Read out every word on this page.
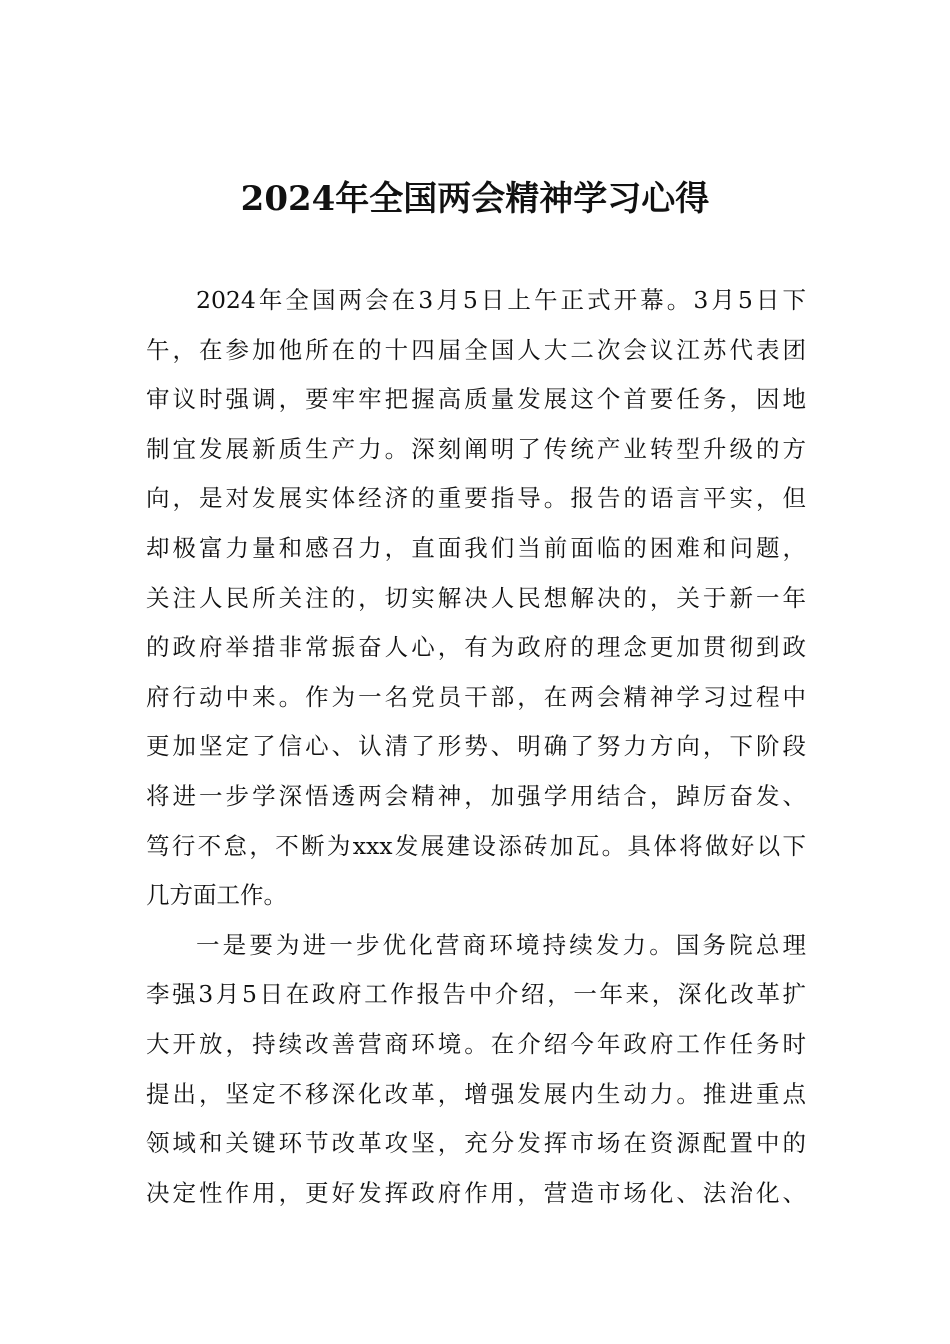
2024年全国两会精神学习心得
2024年全国两会在3月5日上午正式开幕。3月5日下
午，在参加他所在的十四届全国人大二次会议江苏代表团
审议时强调，要牢牢把握高质量发展这个首要任务，因地
制宜发展新质生产力。深刻阐明了传统产业转型升级的方
向，是对发展实体经济的重要指导。报告的语言平实，但
却极富力量和感召力，直面我们当前面临的困难和问题，
关注人民所关注的，切实解决人民想解决的，关于新一年
的政府举措非常振奋人心，有为政府的理念更加贯彻到政
府行动中来。作为一名党员干部，在两会精神学习过程中
更加坚定了信心、认清了形势、明确了努力方向，下阶段
将进一步学深悟透两会精神，加强学用结合，踔厉奋发、
笃行不怠，不断为xxx发展建设添砖加瓦。具体将做好以下
几方面工作。
一是要为进一步优化营商环境持续发力。国务院总理
李强3月5日在政府工作报告中介绍，一年来，深化改革扩
大开放，持续改善营商环境。在介绍今年政府工作任务时
提出，坚定不移深化改革，增强发展内生动力。推进重点
领域和关键环节改革攻坚，充分发挥市场在资源配置中的
决定性作用，更好发挥政府作用，营造市场化、法治化、
